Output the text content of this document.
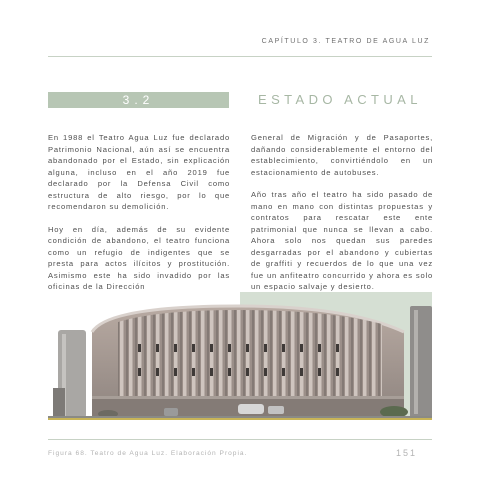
CAPÍTULO 3. TEATRO DE AGUA LUZ
3.2	ESTADO ACTUAL

En 1988 el Teatro Agua Luz fue declarado Patrimonio Nacional, aún así se encuentra abandonado por el Estado, sin explicación alguna, incluso en el año 2019 fue declarado por la Defensa Civil como estructura de alto riesgo, por lo que recomendaron su demolición.

Hoy en día, además de su evidente condición de abandono, el teatro funciona como un refugio de indigentes que se presta para actos ilícitos y prostitución. Asimismo este ha sido invadido por las oficinas de la Dirección

General de Migración y de Pasaportes, dañando considerablemente el entorno del establecimiento, convirtiéndolo en un estacionamiento de autobuses.

Año tras año el teatro ha sido pasado de mano en mano con distintas propuestas y contratos para rescatar este ente patrimonial que nunca se llevan a cabo. Ahora solo nos quedan sus paredes desgarradas por el abandono y cubiertas de graffiti y recuerdos de lo que una vez fue un anfiteatro concurrido y ahora es solo un espacio salvaje y desierto.

Figura 68. Teatro de Agua Luz. Elaboración Propia.	151
